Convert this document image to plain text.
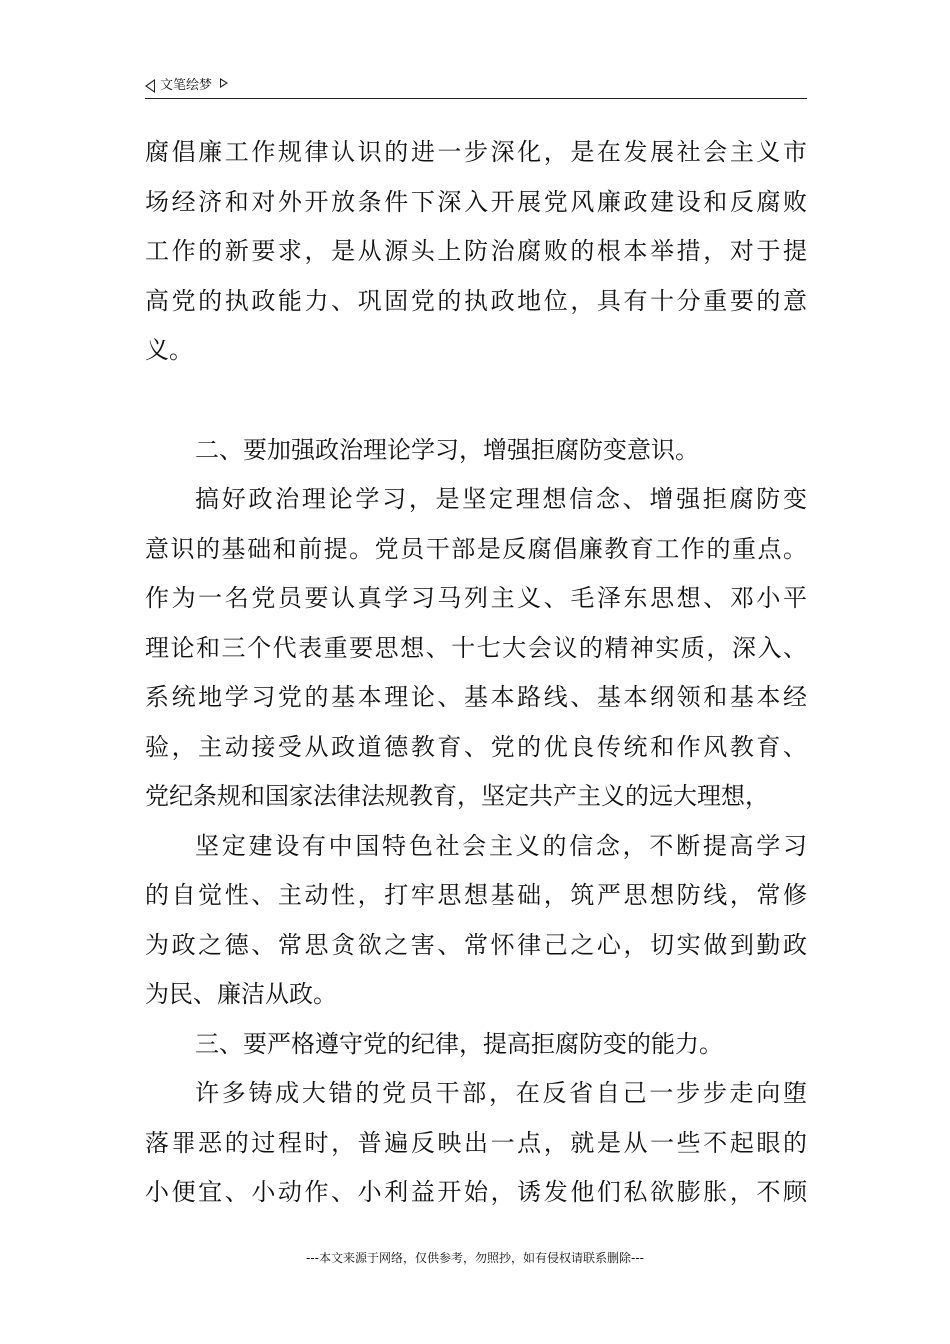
文笔绘梦
腐倡廉工作规律认识的进一步深化，是在发展社会主义市
场经济和对外开放条件下深入开展党风廉政建设和反腐败
工作的新要求，是从源头上防治腐败的根本举措，对于提
高党的执政能力、巩固党的执政地位，具有十分重要的意
义。
二、要加强政治理论学习，增强拒腐防变意识。
搞好政治理论学习，是坚定理想信念、增强拒腐防变
意识的基础和前提。党员干部是反腐倡廉教育工作的重点。
作为一名党员要认真学习马列主义、毛泽东思想、邓小平
理论和三个代表重要思想、十七大会议的精神实质，深入、
系统地学习党的基本理论、基本路线、基本纲领和基本经
验，主动接受从政道德教育、党的优良传统和作风教育、
党纪条规和国家法律法规教育，坚定共产主义的远大理想，
坚定建设有中国特色社会主义的信念，不断提高学习
的自觉性、主动性，打牢思想基础，筑严思想防线，常修
为政之德、常思贪欲之害、常怀律己之心，切实做到勤政
为民、廉洁从政。
三、要严格遵守党的纪律，提高拒腐防变的能力。
许多铸成大错的党员干部，在反省自己一步步走向堕
落罪恶的过程时，普遍反映出一点，就是从一些不起眼的
小便宜、小动作、小利益开始，诱发他们私欲膨胀，不顾
---本文来源于网络，仅供参考，勿照抄，如有侵权请联系删除---
